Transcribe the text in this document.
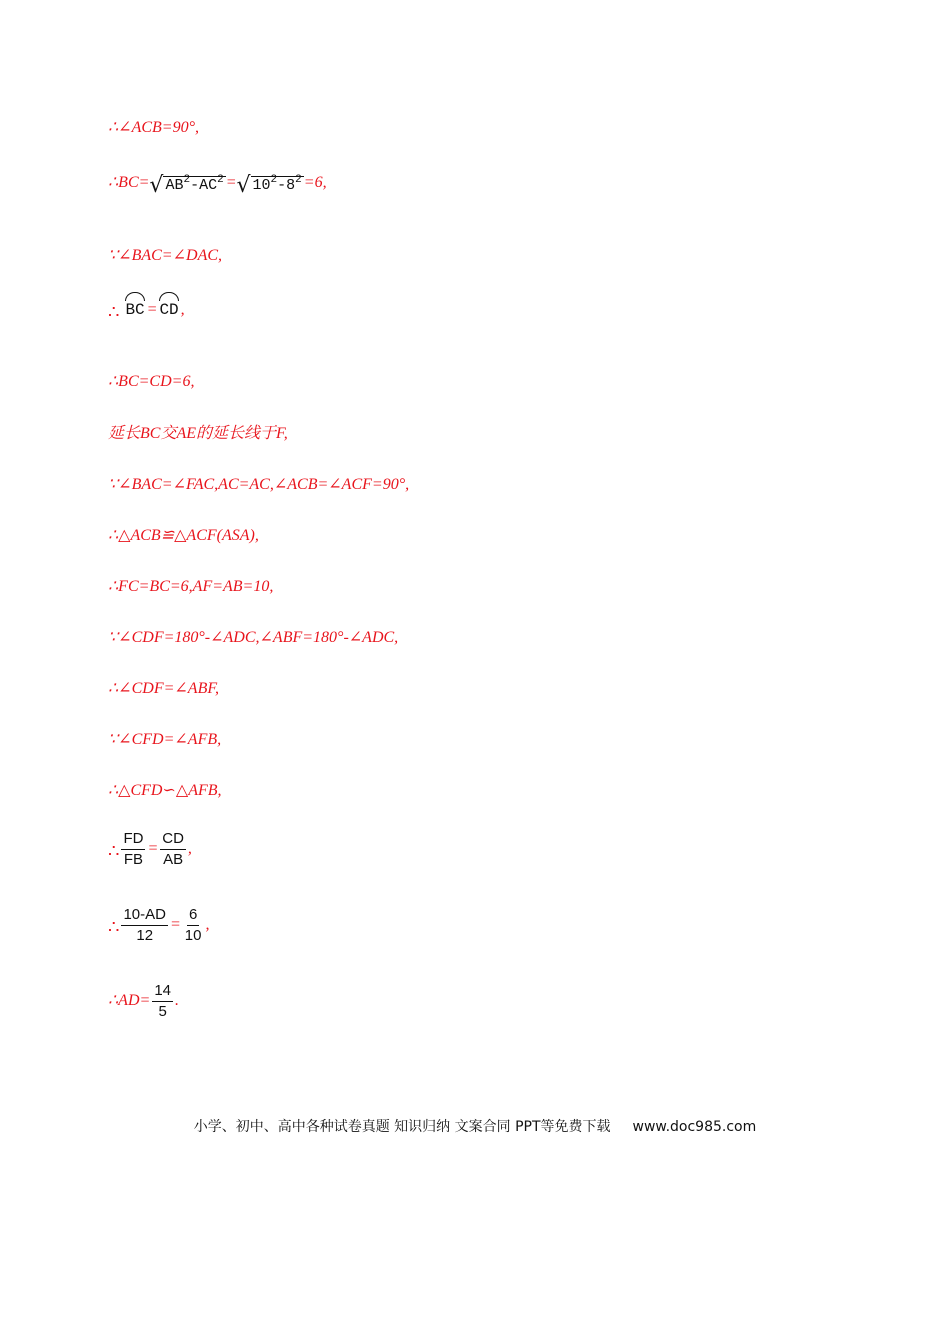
∴∠ACB=90°,
∴BC=√ $AB^2-AC^2$ =√ $10^2-8^2 =6$,
∵∠BAC=∠DAC,
∴ BC = CD ,
∴BC=CD=6,
延长BC交AE的延长线于F,
∵∠BAC=∠FAC,AC=AC,∠ACB=∠ACF=90°,
∴△ACB≌△ACF(ASA),
∴FC=BC=6,AF=AB=10,
∵∠CDF=180°-∠ADC,∠ABF=180°-∠ADC,
∴∠CDF=∠ABF,
∵∠CFD=∠AFB,
∴△CFD∽△AFB,
∴ $\frac{FD}{FB} = \frac{CD}{AB}$ ,
∴ $\frac{10-AD}{12} = \frac{6}{10}$ ,
∴AD= $\frac{14}{5}$ .
小学、初中、高中各种试卷真题 知识归纳 文案合同 PPT等免费下载 www.doc985.com
